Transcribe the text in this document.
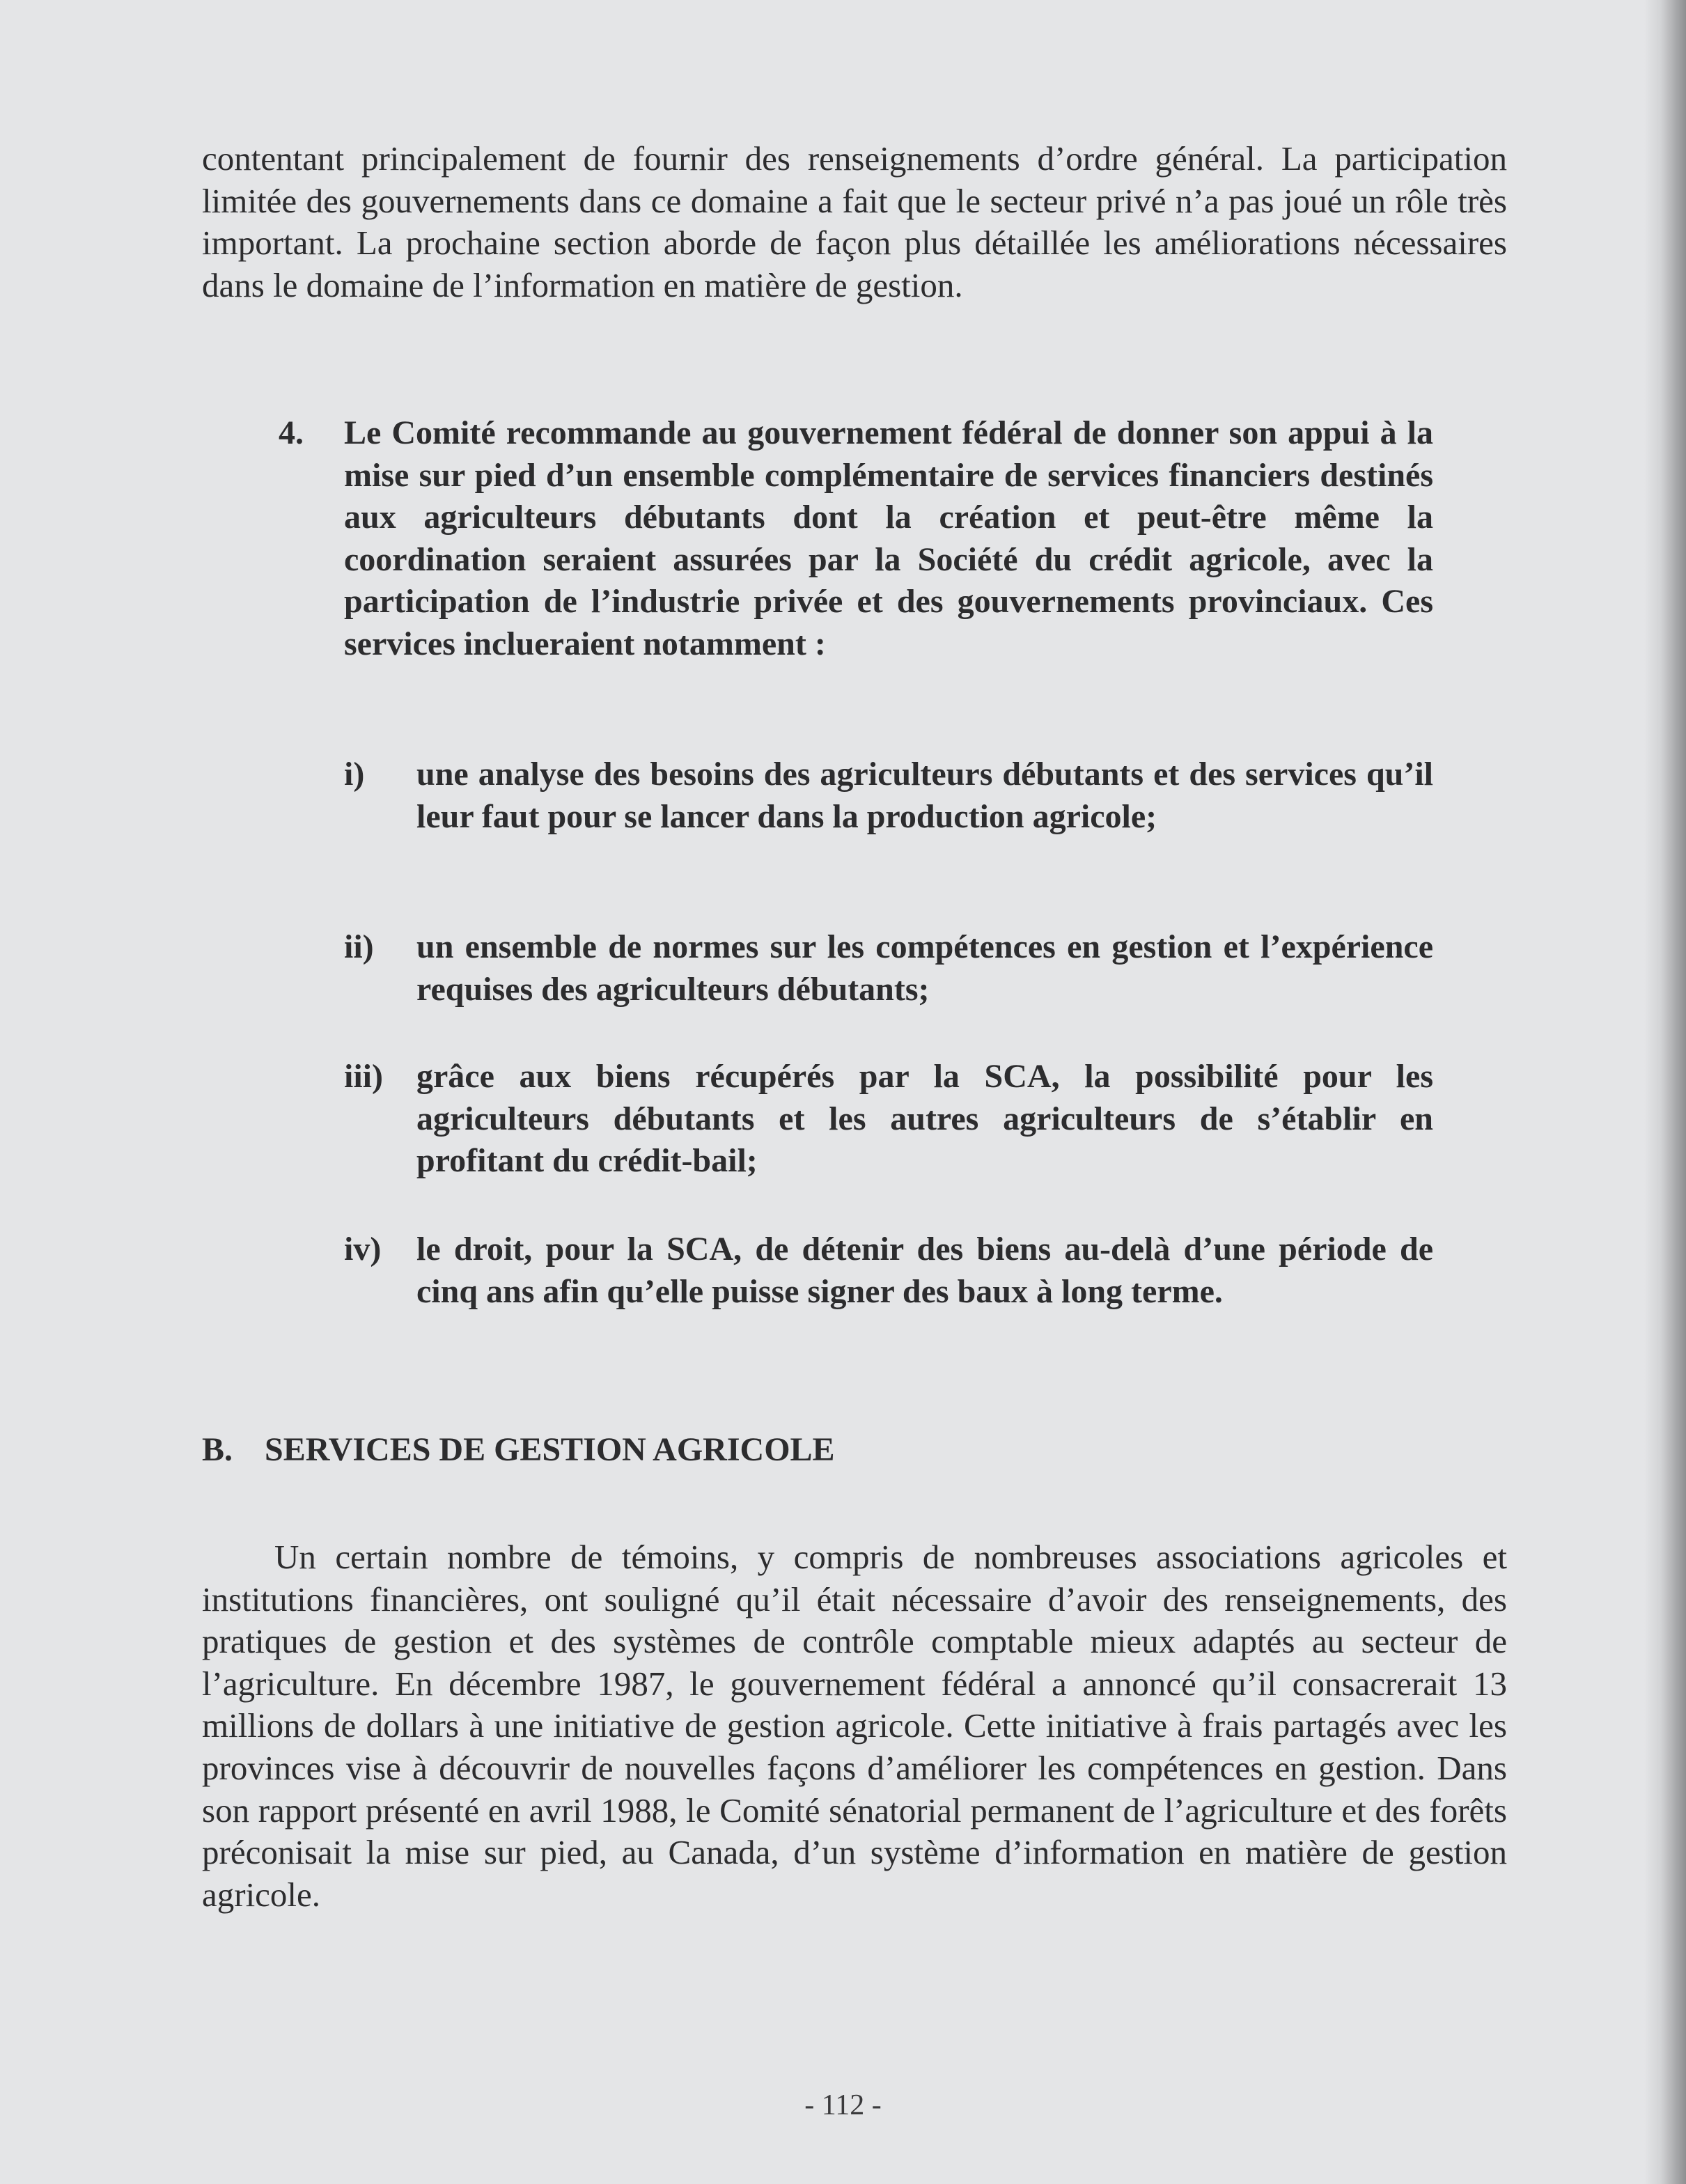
contentant principalement de fournir des renseignements d’ordre général. La participation limitée des gouvernements dans ce domaine a fait que le secteur privé n’a pas joué un rôle très important. La prochaine section aborde de façon plus détaillée les améliorations nécessaires dans le domaine de l’information en matière de gestion.

4. Le Comité recommande au gouvernement fédéral de donner son appui à la mise sur pied d’un ensemble complémentaire de services financiers destinés aux agriculteurs débutants dont la création et peut-être même la coordination seraient assurées par la Société du crédit agricole, avec la participation de l’industrie privée et des gouvernements provinciaux. Ces services incluerаient notamment :

i) une analyse des besoins des agriculteurs débutants et des services qu’il leur faut pour se lancer dans la production agricole;

ii) un ensemble de normes sur les compétences en gestion et l’expérience requises des agriculteurs débutants;

iii) grâce aux biens récupérés par la SCA, la possibilité pour les agriculteurs débutants et les autres agriculteurs de s’établir en profitant du crédit-bail;

iv) le droit, pour la SCA, de détenir des biens au-delà d’une période de cinq ans afin qu’elle puisse signer des baux à long terme.

B. SERVICES DE GESTION AGRICOLE

Un certain nombre de témoins, y compris de nombreuses associations agricoles et institutions financières, ont souligné qu’il était nécessaire d’avoir des renseignements, des pratiques de gestion et des systèmes de contrôle comptable mieux adaptés au secteur de l’agriculture. En décembre 1987, le gouvernement fédéral a annoncé qu’il consacrerait 13 millions de dollars à une initiative de gestion agricole. Cette initiative à frais partagés avec les provinces vise à découvrir de nouvelles façons d’améliorer les compétences en gestion. Dans son rapport présenté en avril 1988, le Comité sénatorial permanent de l’agriculture et des forêts préconisait la mise sur pied, au Canada, d’un système d’information en matière de gestion agricole.

- 112 -
